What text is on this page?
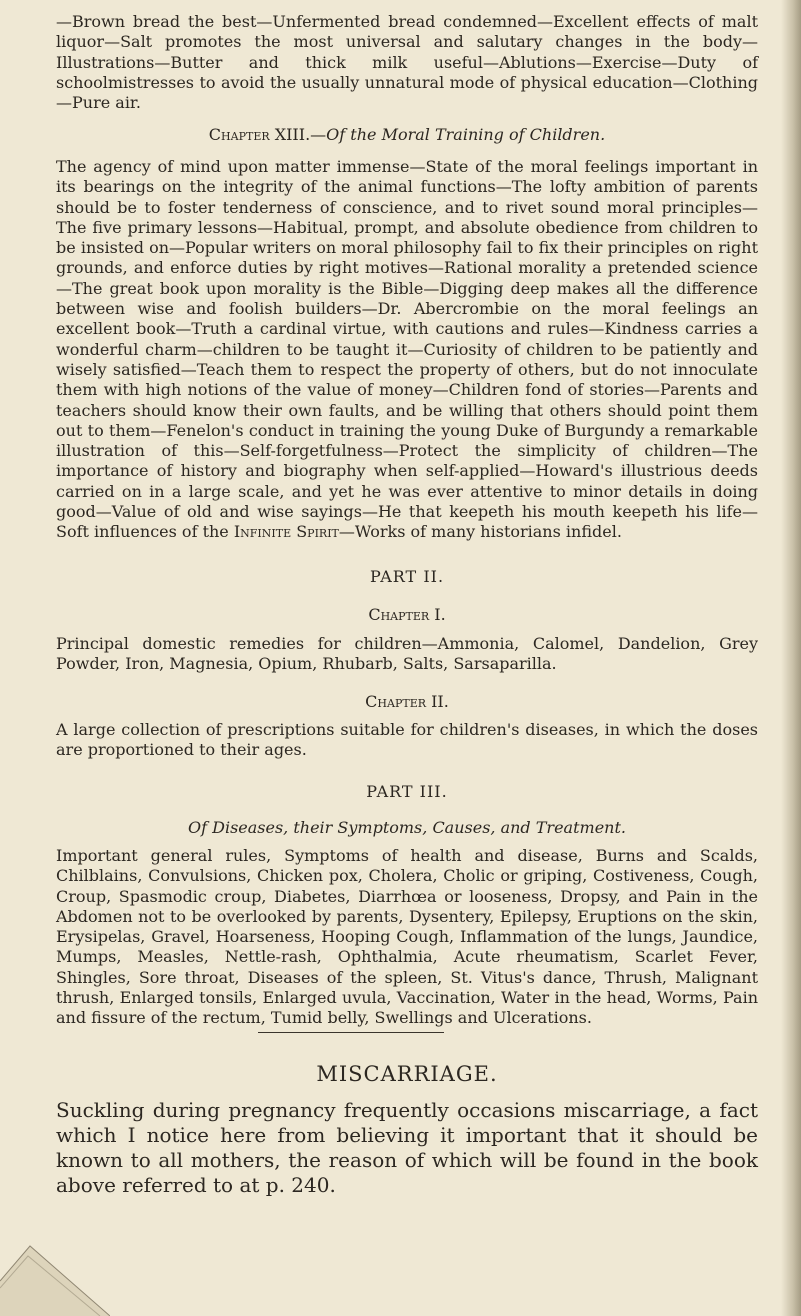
—Brown bread the best—Unfermented bread condemned—Excellent effects of malt liquor—Salt promotes the most universal and salutary changes in the body—Illustrations—Butter and thick milk useful—Ablutions—Exercise—Duty of schoolmistresses to avoid the usually unnatural mode of physical education—Clothing—Pure air.

Chapter XIII.—Of the Moral Training of Children.

The agency of mind upon matter immense—State of the moral feelings important in its bearings on the integrity of the animal functions—The lofty ambition of parents should be to foster tenderness of conscience, and to rivet sound moral principles—The five primary lessons—Habitual, prompt, and absolute obedience from children to be insisted on—Popular writers on moral philosophy fail to fix their principles on right grounds, and enforce duties by right motives—Rational morality a pretended science—The great book upon morality is the Bible—Digging deep makes all the difference between wise and foolish builders—Dr. Abercrombie on the moral feelings an excellent book—Truth a cardinal virtue, with cautions and rules—Kindness carries a wonderful charm—children to be taught it—Curiosity of children to be patiently and wisely satisfied—Teach them to respect the property of others, but do not innoculate them with high notions of the value of money—Children fond of stories—Parents and teachers should know their own faults, and be willing that others should point them out to them—Fenelon's conduct in training the young Duke of Burgundy a remarkable illustration of this—Self-forgetfulness—Protect the simplicity of children—The importance of history and biography when self-applied—Howard's illustrious deeds carried on in a large scale, and yet he was ever attentive to minor details in doing good—Value of old and wise sayings—He that keepeth his mouth keepeth his life—Soft influences of the Infinite Spirit—Works of many historians infidel.

PART II.

Chapter I.

Principal domestic remedies for children—Ammonia, Calomel, Dandelion, Grey Powder, Iron, Magnesia, Opium, Rhubarb, Salts, Sarsaparilla.

Chapter II.

A large collection of prescriptions suitable for children's diseases, in which the doses are proportioned to their ages.

PART III.

Of Diseases, their Symptoms, Causes, and Treatment.

Important general rules, Symptoms of health and disease, Burns and Scalds, Chilblains, Convulsions, Chicken pox, Cholera, Cholic or griping, Costiveness, Cough, Croup, Spasmodic croup, Diabetes, Diarrhœa or looseness, Dropsy, and Pain in the Abdomen not to be overlooked by parents, Dysentery, Epilepsy, Eruptions on the skin, Erysipelas, Gravel, Hoarseness, Hooping Cough, Inflammation of the lungs, Jaundice, Mumps, Measles, Nettle-rash, Ophthalmia, Acute rheumatism, Scarlet Fever, Shingles, Sore throat, Diseases of the spleen, St. Vitus's dance, Thrush, Malignant thrush, Enlarged tonsils, Enlarged uvula, Vaccination, Water in the head, Worms, Pain and fissure of the rectum, Tumid belly, Swellings and Ulcerations.

MISCARRIAGE.

Suckling during pregnancy frequently occasions miscarriage, a fact which I notice here from believing it important that it should be known to all mothers, the reason of which will be found in the book above referred to at p. 240.
